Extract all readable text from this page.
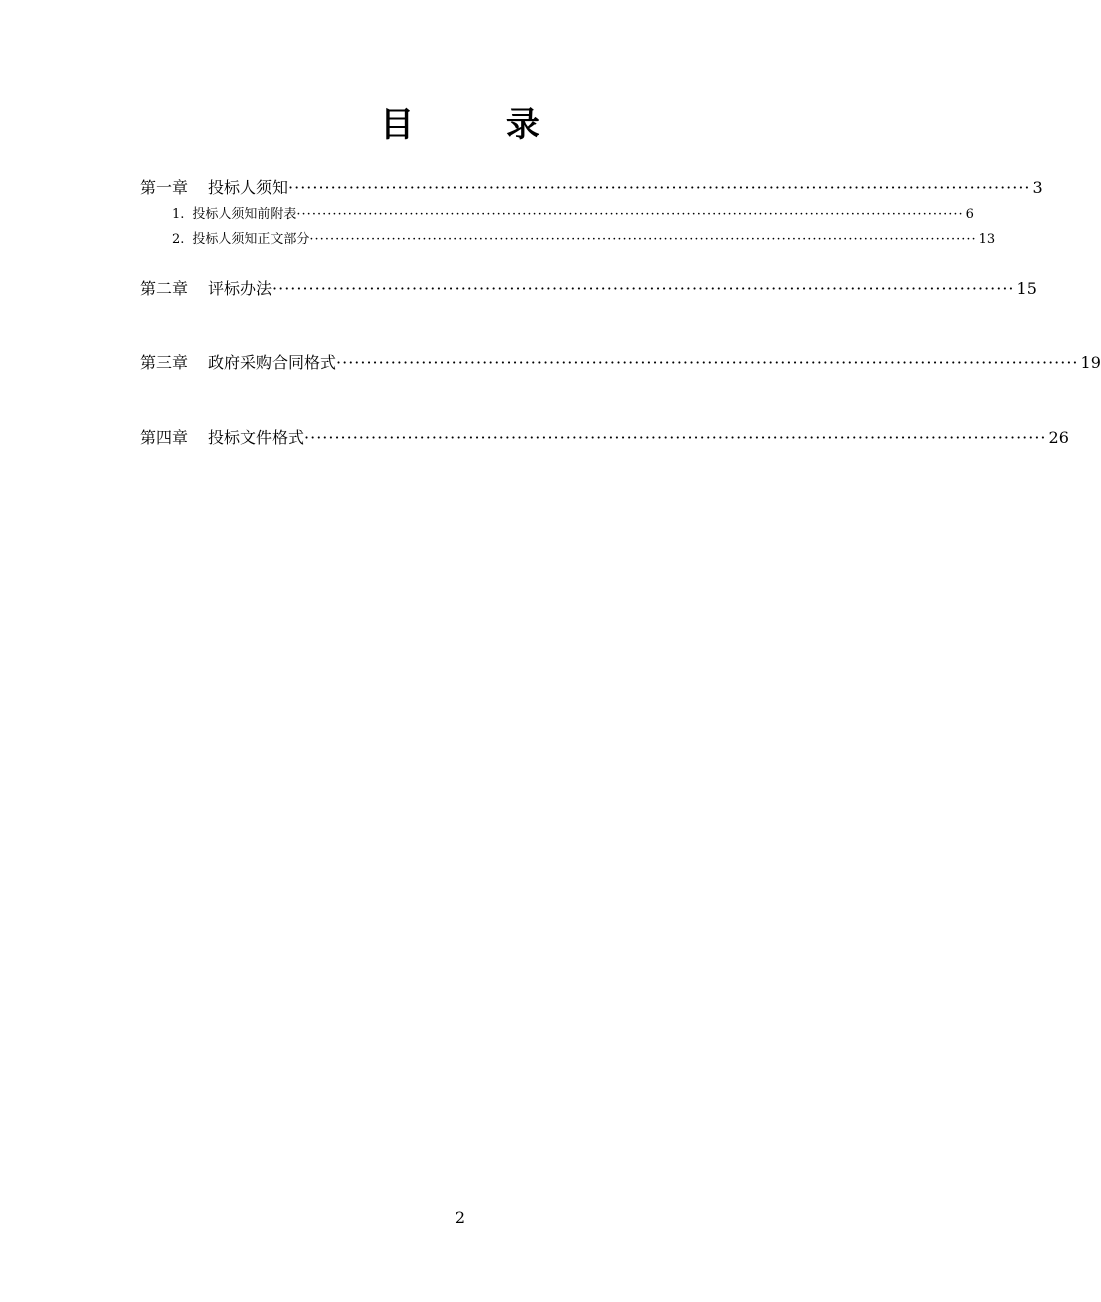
目 录
第一章 投标人须知 ·························································································································· 3
1. 投标人须知前附表 ·································································································································· 6
2. 投标人须知正文部分 ·································································································································· 13
第二章 评标办法 ·························································································································· 15
第三章 政府采购合同格式 ·························································································································· 19
第四章 投标文件格式 ·························································································································· 26
2
